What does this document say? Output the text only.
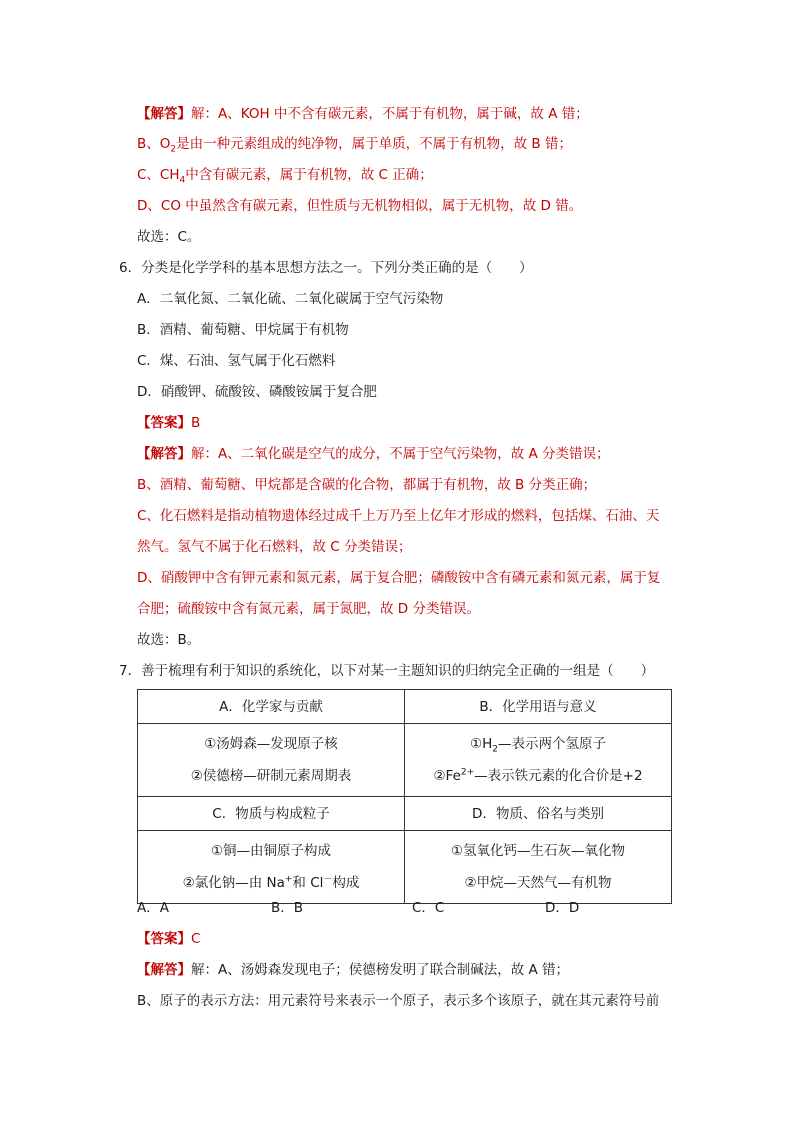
【解答】解：A、KOH 中不含有碳元素，不属于有机物，属于碱，故 A 错；
B、$O_2$是由一种元素组成的纯净物，属于单质，不属于有机物，故 B 错；
C、$CH_4$中含有碳元素，属于有机物，故 C 正确；
D、CO 中虽然含有碳元素，但性质与无机物相似，属于无机物，故 D 错。
故选：C。
6．分类是化学学科的基本思想方法之一。下列分类正确的是（　　）
A．二氧化氮、二氧化硫、二氧化碳属于空气污染物
B．酒精、葡萄糖、甲烷属于有机物
C．煤、石油、氢气属于化石燃料
D．硝酸钾、硫酸铵、磷酸铵属于复合肥
【答案】B
【解答】解：A、二氧化碳是空气的成分，不属于空气污染物，故 A 分类错误；
B、酒精、葡萄糖、甲烷都是含碳的化合物，都属于有机物，故 B 分类正确；
C、化石燃料是指动植物遗体经过成千上万乃至上亿年才形成的燃料，包括煤、石油、天
然气。氢气不属于化石燃料，故 C 分类错误；
D、硝酸钾中含有钾元素和氮元素，属于复合肥；磷酸铵中含有磷元素和氮元素，属于复
合肥；硫酸铵中含有氮元素，属于氮肥，故 D 分类错误。
故选：B。
7．善于梳理有利于知识的系统化，以下对某一主题知识的归纳完全正确的一组是（　　）
A．化学家与贡献	B．化学用语与意义

①汤姆森—发现原子核
②侯德榜—研制元素周期表	$①H_2—$表示两个氢原子
$②Fe^{2+}—$表示铁元素的化合价是+2

C．物质与构成粒子	D．物质、俗名与类别

①铜—由铜原子构成
②氯化钠—由 Na+和 Cl－构成	①氢氧化钙—生石灰—氧化物
②甲烷—天然气—有机物
A．A	B．B	C．C	D．D
【答案】C
【解答】解：A、汤姆森发现电子；侯德榜发明了联合制碱法，故 A 错；
B、原子的表示方法：用元素符号来表示一个原子，表示多个该原子，就在其元素符号前
